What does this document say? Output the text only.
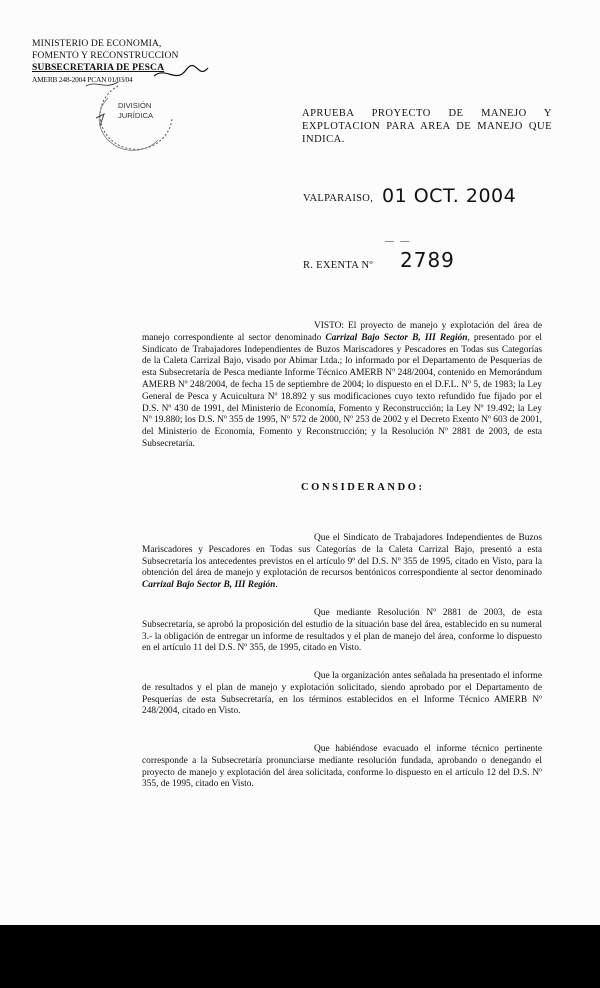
MINISTERIO DE ECONOMIA,
FOMENTO Y RECONSTRUCCION
SUBSECRETARIA DE PESCA
AMERB 248-2004 PCAN 01/03/04
DIVISIÓN
JURÍDICA	APRUEBA PROYECTO DE MANEJO Y EXPLOTACION PARA AREA DE MANEJO QUE INDICA.
VALPARAISO, 01 OCT. 2004
— —
R. EXENTA Nº 2789
VISTO: El proyecto de manejo y explotación del área de manejo correspondiente al sector denominado Carrizal Bajo Sector B, III Región, presentado por el Sindicato de Trabajadores Independientes de Buzos Mariscadores y Pescadores en Todas sus Categorías de la Caleta Carrizal Bajo, visado por Abimar Ltda.; lo informado por el Departamento de Pesquerías de esta Subsecretaría de Pesca mediante Informe Técnico AMERB Nº 248/2004, contenido en Memorándum AMERB Nº 248/2004, de fecha 15 de septiembre de 2004; lo dispuesto en el D.F.L. Nº 5, de 1983; la Ley General de Pesca y Acuicultura Nº 18.892 y sus modificaciones cuyo texto refundido fue fijado por el D.S. Nº 430 de 1991, del Ministerio de Economía, Fomento y Reconstrucción; la Ley Nº 19.492; la Ley Nº 19.880; los D.S. Nº 355 de 1995, Nº 572 de 2000, Nº 253 de 2002 y el Decreto Exento Nº 603 de 2001, del Ministerio de Economía, Fomento y Reconstrucción; y la Resolución Nº 2881 de 2003, de esta Subsecretaría.
CONSIDERANDO:
Que el Sindicato de Trabajadores Independientes de Buzos Mariscadores y Pescadores en Todas sus Categorías de la Caleta Carrizal Bajo, presentó a esta Subsecretaría los antecedentes previstos en el artículo 9º del D.S. Nº 355 de 1995, citado en Visto, para la obtención del área de manejo y explotación de recursos bentónicos correspondiente al sector denominado Carrizal Bajo Sector B, III Región.
Que mediante Resolución Nº 2881 de 2003, de esta Subsecretaría, se aprobó la proposición del estudio de la situación base del área, establecido en su numeral 3.- la obligación de entregar un informe de resultados y el plan de manejo del área, conforme lo dispuesto en el artículo 11 del D.S. Nº 355, de 1995, citado en Visto.
Que la organización antes señalada ha presentado el informe de resultados y el plan de manejo y explotación solicitado, siendo aprobado por el Departamento de Pesquerías de esta Subsecretaría, en los términos establecidos en el Informe Técnico AMERB Nº 248/2004, citado en Visto.
Que habiéndose evacuado el informe técnico pertinente corresponde a la Subsecretaría pronunciarse mediante resolución fundada, aprobando o denegando el proyecto de manejo y explotación del área solicitada, conforme lo dispuesto en el artículo 12 del D.S. Nº 355, de 1995, citado en Visto.
